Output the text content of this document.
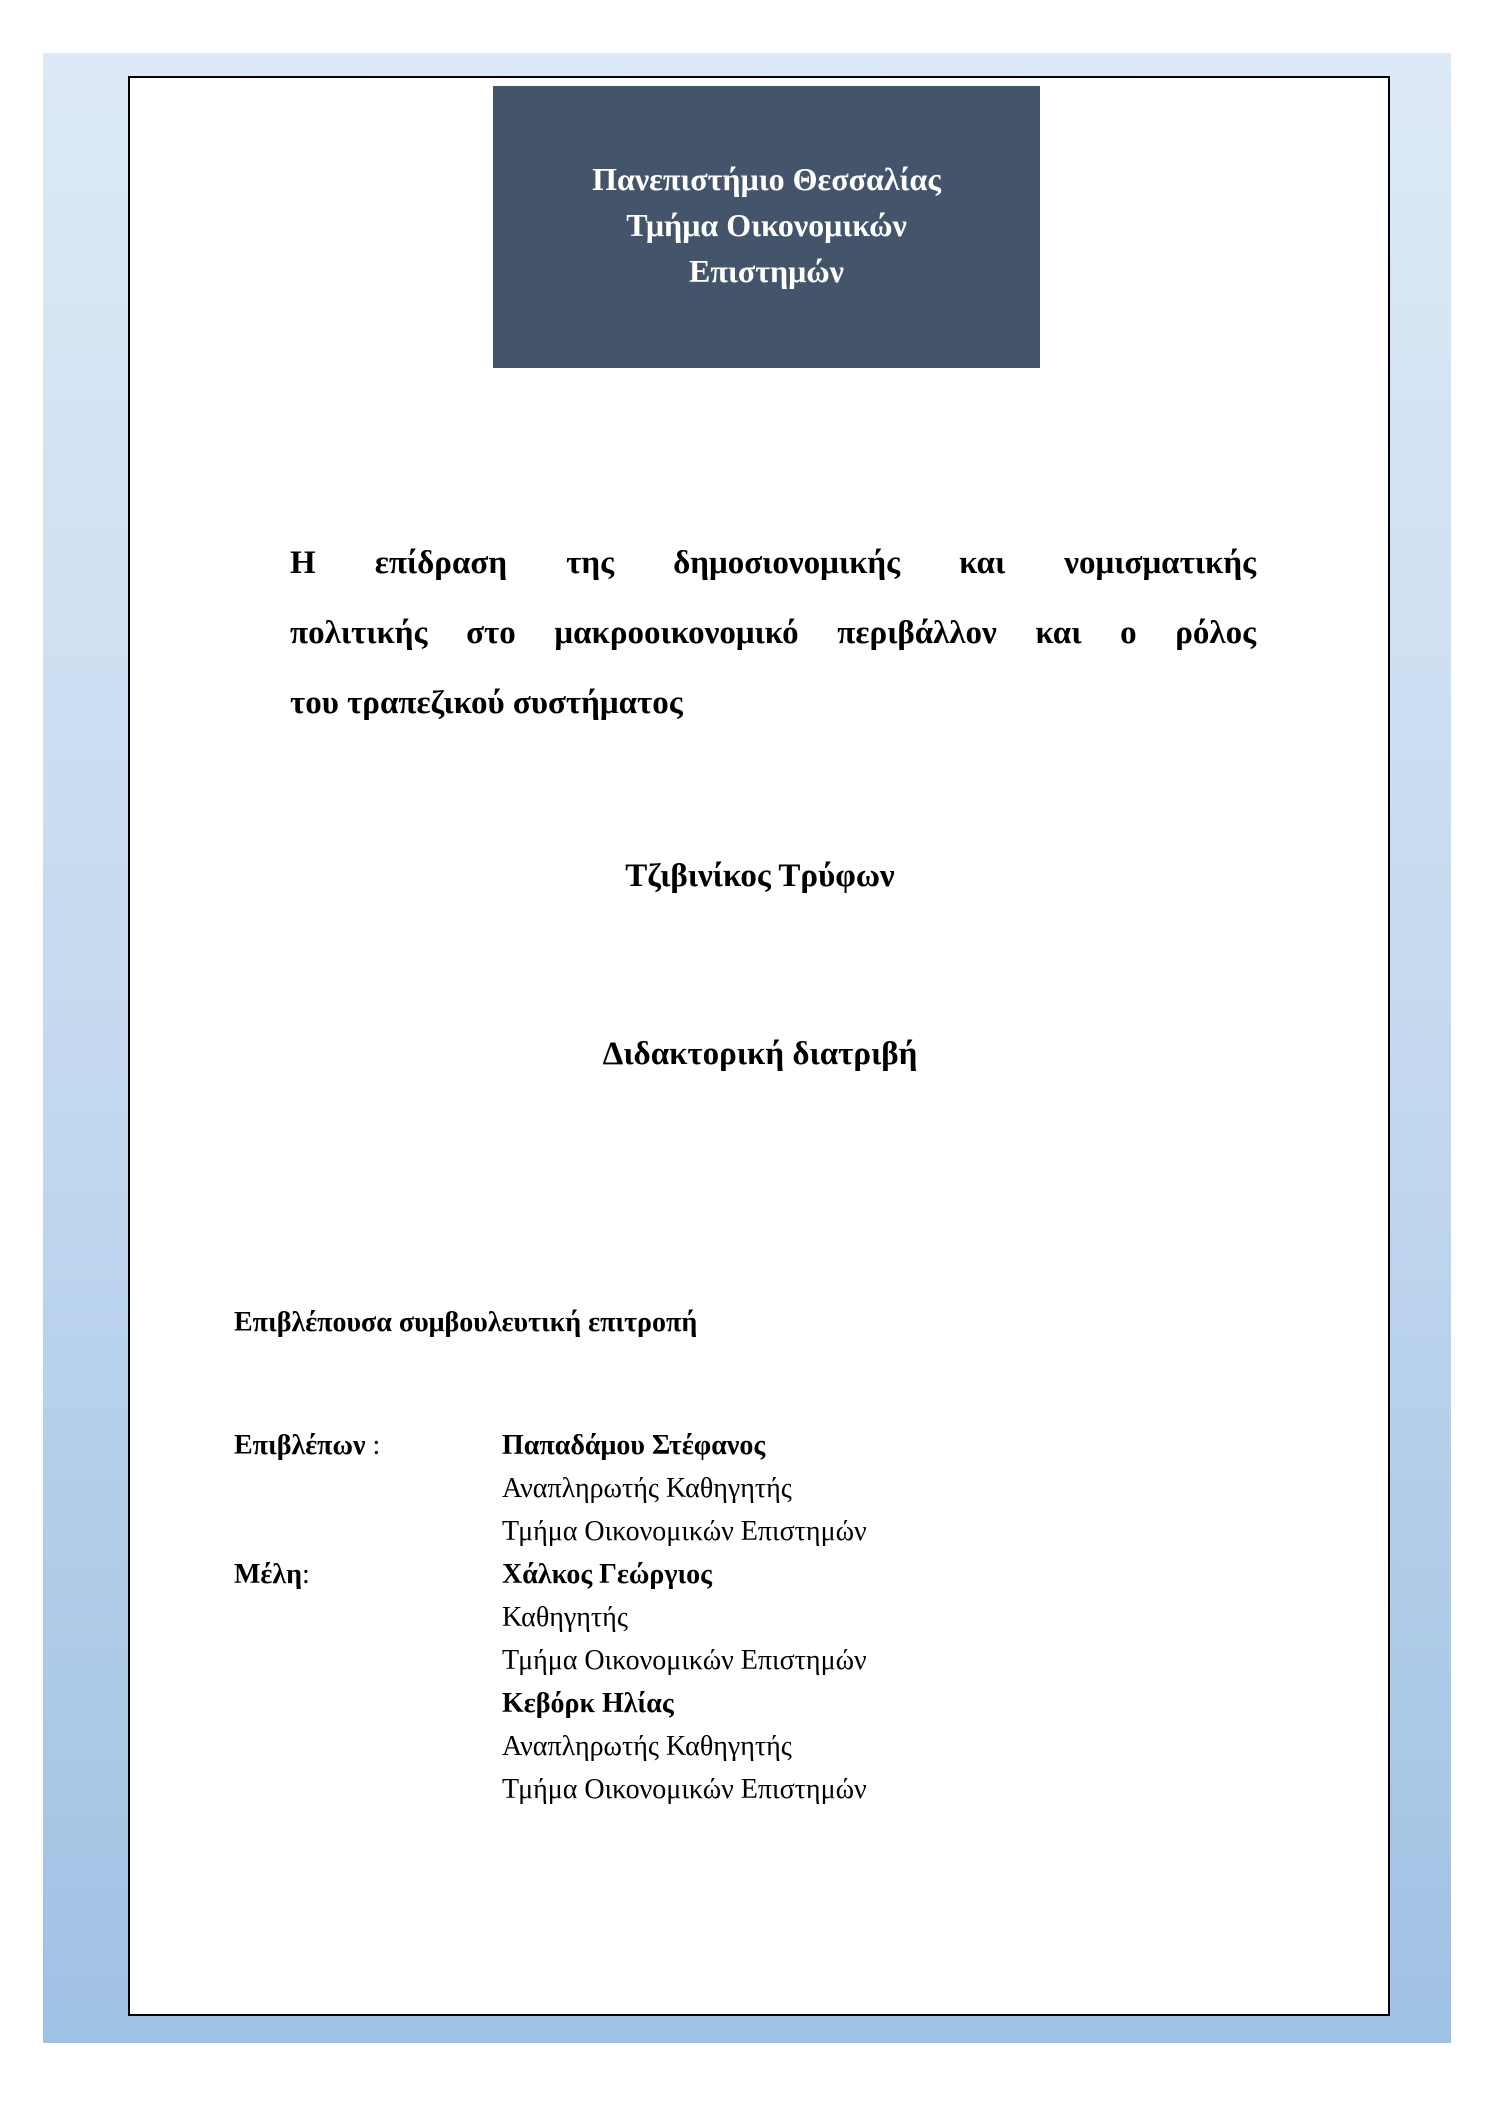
Πανεπιστήμιο Θεσσαλίας
Τμήμα Οικονομικών
Επιστημών
Η επίδραση της δημοσιονομικής και νομισματικής
πολιτικής στο μακροοικονομικό περιβάλλον και ο ρόλος
του τραπεζικού συστήματος
Τζιβινίκος Τρύφων
Διδακτορική διατριβή
Επιβλέπουσα συμβουλευτική επιτροπή
Επιβλέπων :	Παπαδάμου Στέφανος
Αναπληρωτής Καθηγητής
Τμήμα Οικονομικών Επιστημών
Μέλη:	Χάλκος Γεώργιος
Καθηγητής
Τμήμα Οικονομικών Επιστημών
Κεβόρκ Ηλίας
Αναπληρωτής Καθηγητής
Τμήμα Οικονομικών Επιστημών
